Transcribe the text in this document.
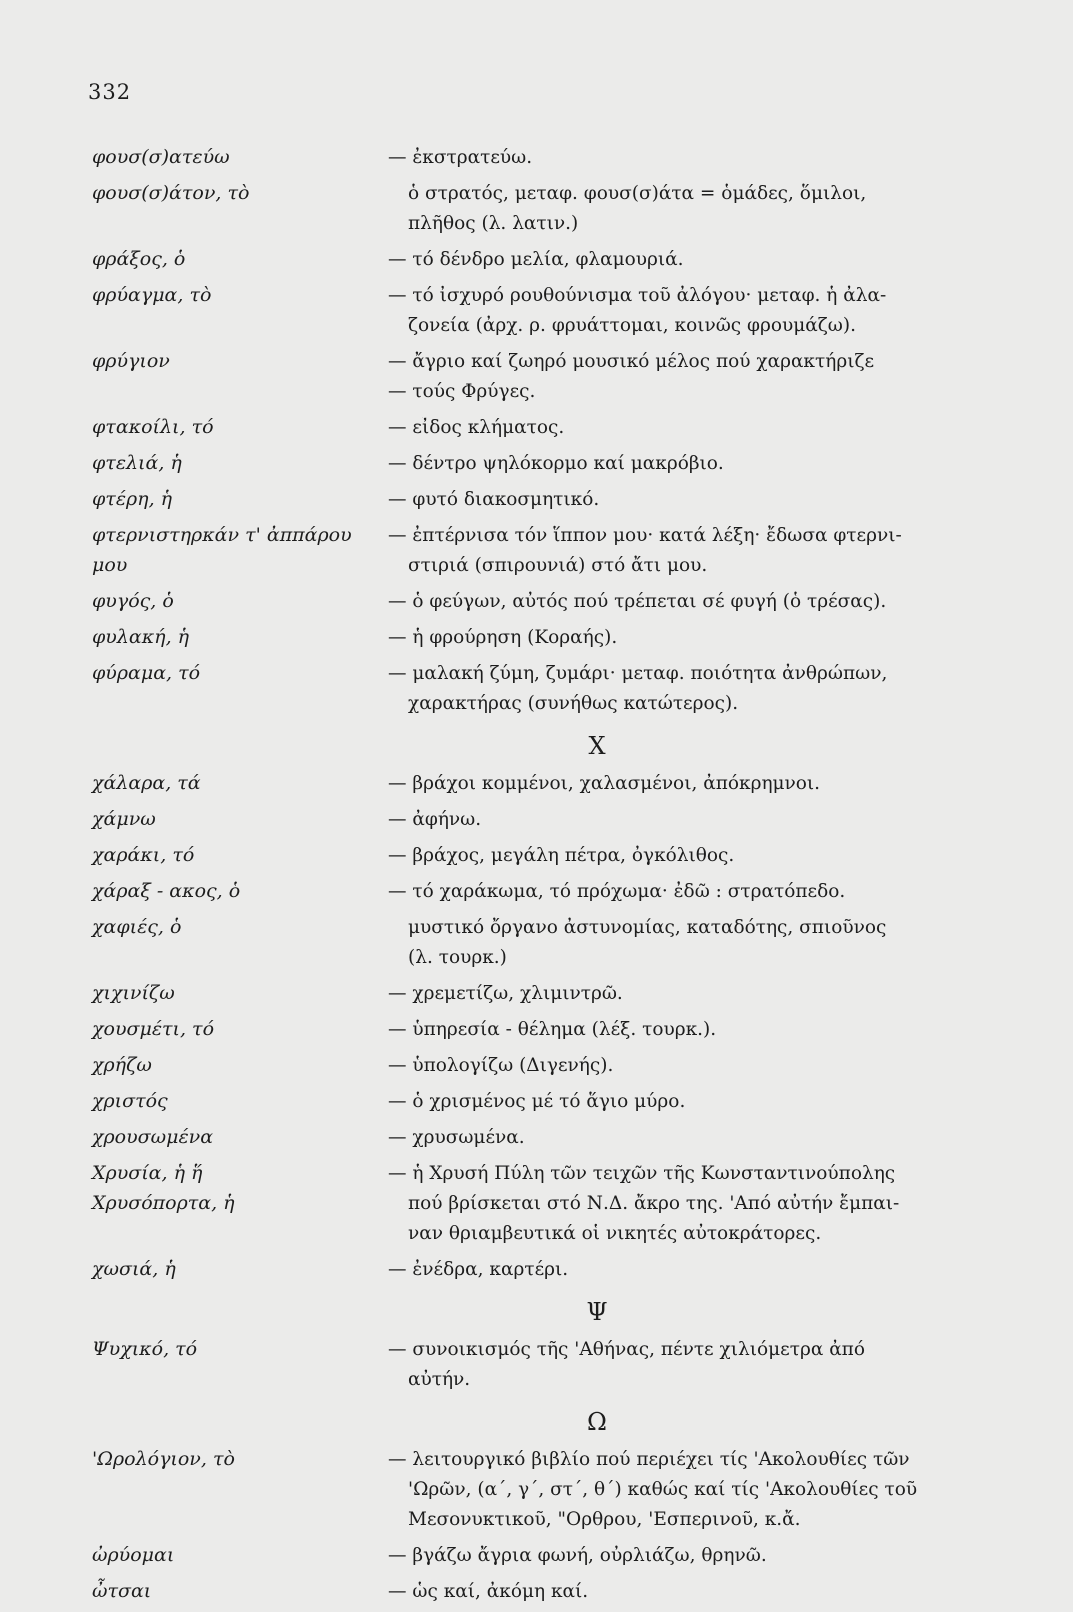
332
φουσ(σ)ατεύω	— ἐκστρατεύω.
φουσ(σ)άτον, τὸ	ὁ στρατός, μεταφ. φουσ(σ)άτα = ὁμάδες, ὅμιλοι,
πλῆθος (λ. λατιν.)
φράξος, ὁ	— τό δένδρο μελία, φλαμουριά.
φρύαγμα, τὸ	— τό ἰσχυρό ρουθούνισμα τοῦ ἀλόγου· μεταφ. ἡ ἀλα-
ζονεία (ἀρχ. ρ. φρυάττομαι, κοινῶς φρουμάζω).
φρύγιον	— ἄγριο καί ζωηρό μουσικό μέλος πού χαρακτήριζε
— τούς Φρύγες.
φτακοίλι, τό	— εἶδος κλήματος.
φτελιά, ἡ	— δέντρο ψηλόκορμο καί μακρόβιο.
φτέρη, ἡ	— φυτό διακοσμητικό.
φτερνιστηρκάν τ' ἀππάρου	— ἐπτέρνισα τόν ἵππον μου· κατά λέξη· ἔδωσα φτερνι-
μου	στιριά (σπιρουνιά) στό ἄτι μου.
φυγός, ὁ	— ὁ φεύγων, αὐτός πού τρέπεται σέ φυγή (ὁ τρέσας).
φυλακή, ἡ	— ἡ φρούρηση (Κοραής).
φύραμα, τό	— μαλακή ζύμη, ζυμάρι· μεταφ. ποιότητα ἀνθρώπων,
χαρακτήρας (συνήθως κατώτερος).
Χ
χάλαρα, τά	— βράχοι κομμένοι, χαλασμένοι, ἀπόκρημνοι.
χάμνω	— ἀφήνω.
χαράκι, τό	— βράχος, μεγάλη πέτρα, ὀγκόλιθος.
χάραξ - ακος, ὁ	— τό χαράκωμα, τό πρόχωμα· ἐδῶ : στρατόπεδο.
χαφιές, ὁ	μυστικό ὄργανο ἀστυνομίας, καταδότης, σπιοῦνος
(λ. τουρκ.)
χιχινίζω	— χρεμετίζω, χλιμιντρῶ.
χουσμέτι, τό	— ὑπηρεσία - θέλημα (λέξ. τουρκ.).
χρήζω	— ὑπολογίζω (Διγενής).
χριστός	— ὁ χρισμένος μέ τό ἅγιο μύρο.
χρουσωμένα	— χρυσωμένα.
Χρυσία, ἡ ἥ	— ἡ Χρυσή Πύλη τῶν τειχῶν τῆς Κωνσταντινούπολης
Χρυσόπορτα, ἡ	πού βρίσκεται στό Ν.Δ. ἄκρο της. 'Από αὐτήν ἔμπαι-
ναν θριαμβευτικά οἱ νικητές αὐτοκράτορες.
χωσιά, ἡ	— ἐνέδρα, καρτέρι.
Ψ
Ψυχικό, τό	— συνοικισμός τῆς 'Αθήνας, πέντε χιλιόμετρα ἀπό
αὐτήν.
Ω
'Ωρολόγιον, τὸ	— λειτουργικό βιβλίο πού περιέχει τίς 'Ακολουθίες τῶν
'Ωρῶν, (α΄, γ΄, στ΄, θ΄) καθώς καί τίς 'Ακολουθίες τοῦ
Μεσονυκτικοῦ, "Ορθρου, 'Εσπερινοῦ, κ.ἄ.
ὠρύομαι	— βγάζω ἄγρια φωνή, οὐρλιάζω, θρηνῶ.
ὦτσαι	— ὡς καί, ἀκόμη καί.
